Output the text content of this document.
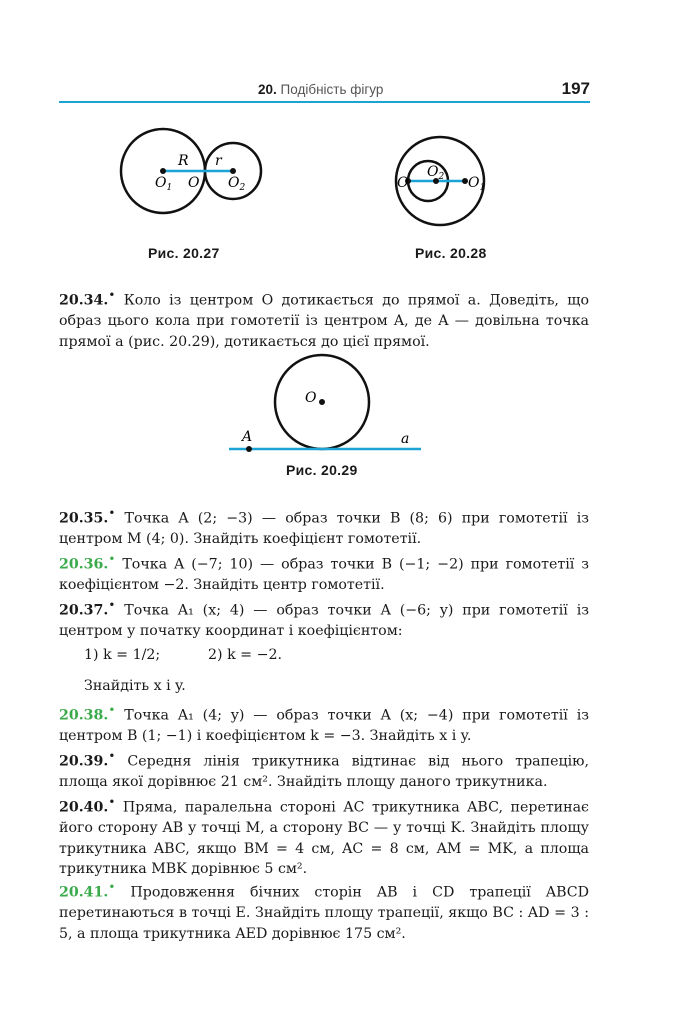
20. Подібність фігур	197
R r
$O_1$ O $O_2$
Рис. 20.27
O
$O_2$ $O_1$
Рис. 20.28
20.34.• Коло із центром O дотикається до прямої a. Доведіть, що образ цього кола при гомотетії із центром A, де A — довільна точка прямої a (рис. 20.29), дотикається до цієї прямої.
O
A	a
Рис. 20.29
20.35.• Точка A (2; −3) — образ точки B (8; 6) при гомотетії із центром M (4; 0). Знайдіть коефіцієнт гомотетії.
20.36.• Точка A (−7; 10) — образ точки B (−1; −2) при гомотетії з коефіцієнтом −2. Знайдіть центр гомотетії.
20.37.• Точка A₁ (x; 4) — образ точки A (−6; y) при гомотетії із центром у початку координат і коефіцієнтом:
1) k = 1/2;	2) k = −2.
Знайдіть x і y.
20.38.• Точка A₁ (4; y) — образ точки A (x; −4) при гомотетії із центром B (1; −1) і коефіцієнтом k = −3. Знайдіть x і y.
20.39.• Середня лінія трикутника відтинає від нього трапецію, площа якої дорівнює 21 см². Знайдіть площу даного трикутника.
20.40.• Пряма, паралельна стороні AC трикутника ABC, перетинає його сторону AB у точці M, а сторону BC — у точці K. Знайдіть площу трикутника ABC, якщо BM = 4 см, AC = 8 см, AM = MK, а площа трикутника MBK дорівнює 5 см².
20.41.• Продовження бічних сторін AB і CD трапеції ABCD перетинаються в точці E. Знайдіть площу трапеції, якщо BC : AD = 3 : 5, а площа трикутника AED дорівнює 175 см².
